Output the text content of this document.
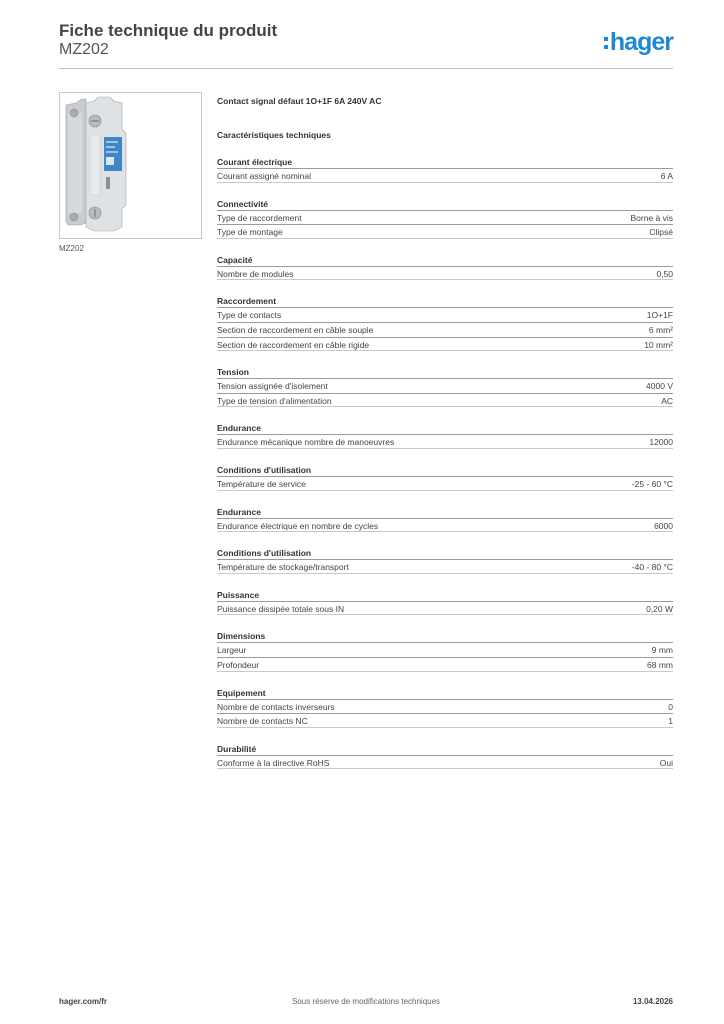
Fiche technique du produit
MZ202	hager
MZ202
Contact signal défaut 1O+1F 6A 240V AC
Caractéristiques techniques
Courant électrique
Courant assigné nominal	6 A
Connectivité
Type de raccordement	Borne à vis
Type de montage	Clipsé
Capacité
Nombre de modules	0,50
Raccordement
Type de contacts	1O+1F
Section de raccordement en câble souple	6 mm²
Section de raccordement en câble rigide	10 mm²
Tension
Tension assignée d'isolement	4000 V
Type de tension d'alimentation	AC
Endurance
Endurance mécanique nombre de manoeuvres	12000
Conditions d'utilisation
Température de service	-25 - 60 °C
Endurance
Endurance électrique en nombre de cycles	6000
Conditions d'utilisation
Température de stockage/transport	-40 - 80 °C
Puissance
Puissance dissipée totale sous IN	0,20 W
Dimensions
Largeur	9 mm
Profondeur	68 mm
Equipement
Nombre de contacts inverseurs	0
Nombre de contacts NC	1
Durabilité
Conforme à la directive RoHS	Oui
hager.com/fr	Sous réserve de modifications techniques	13.04.2026
